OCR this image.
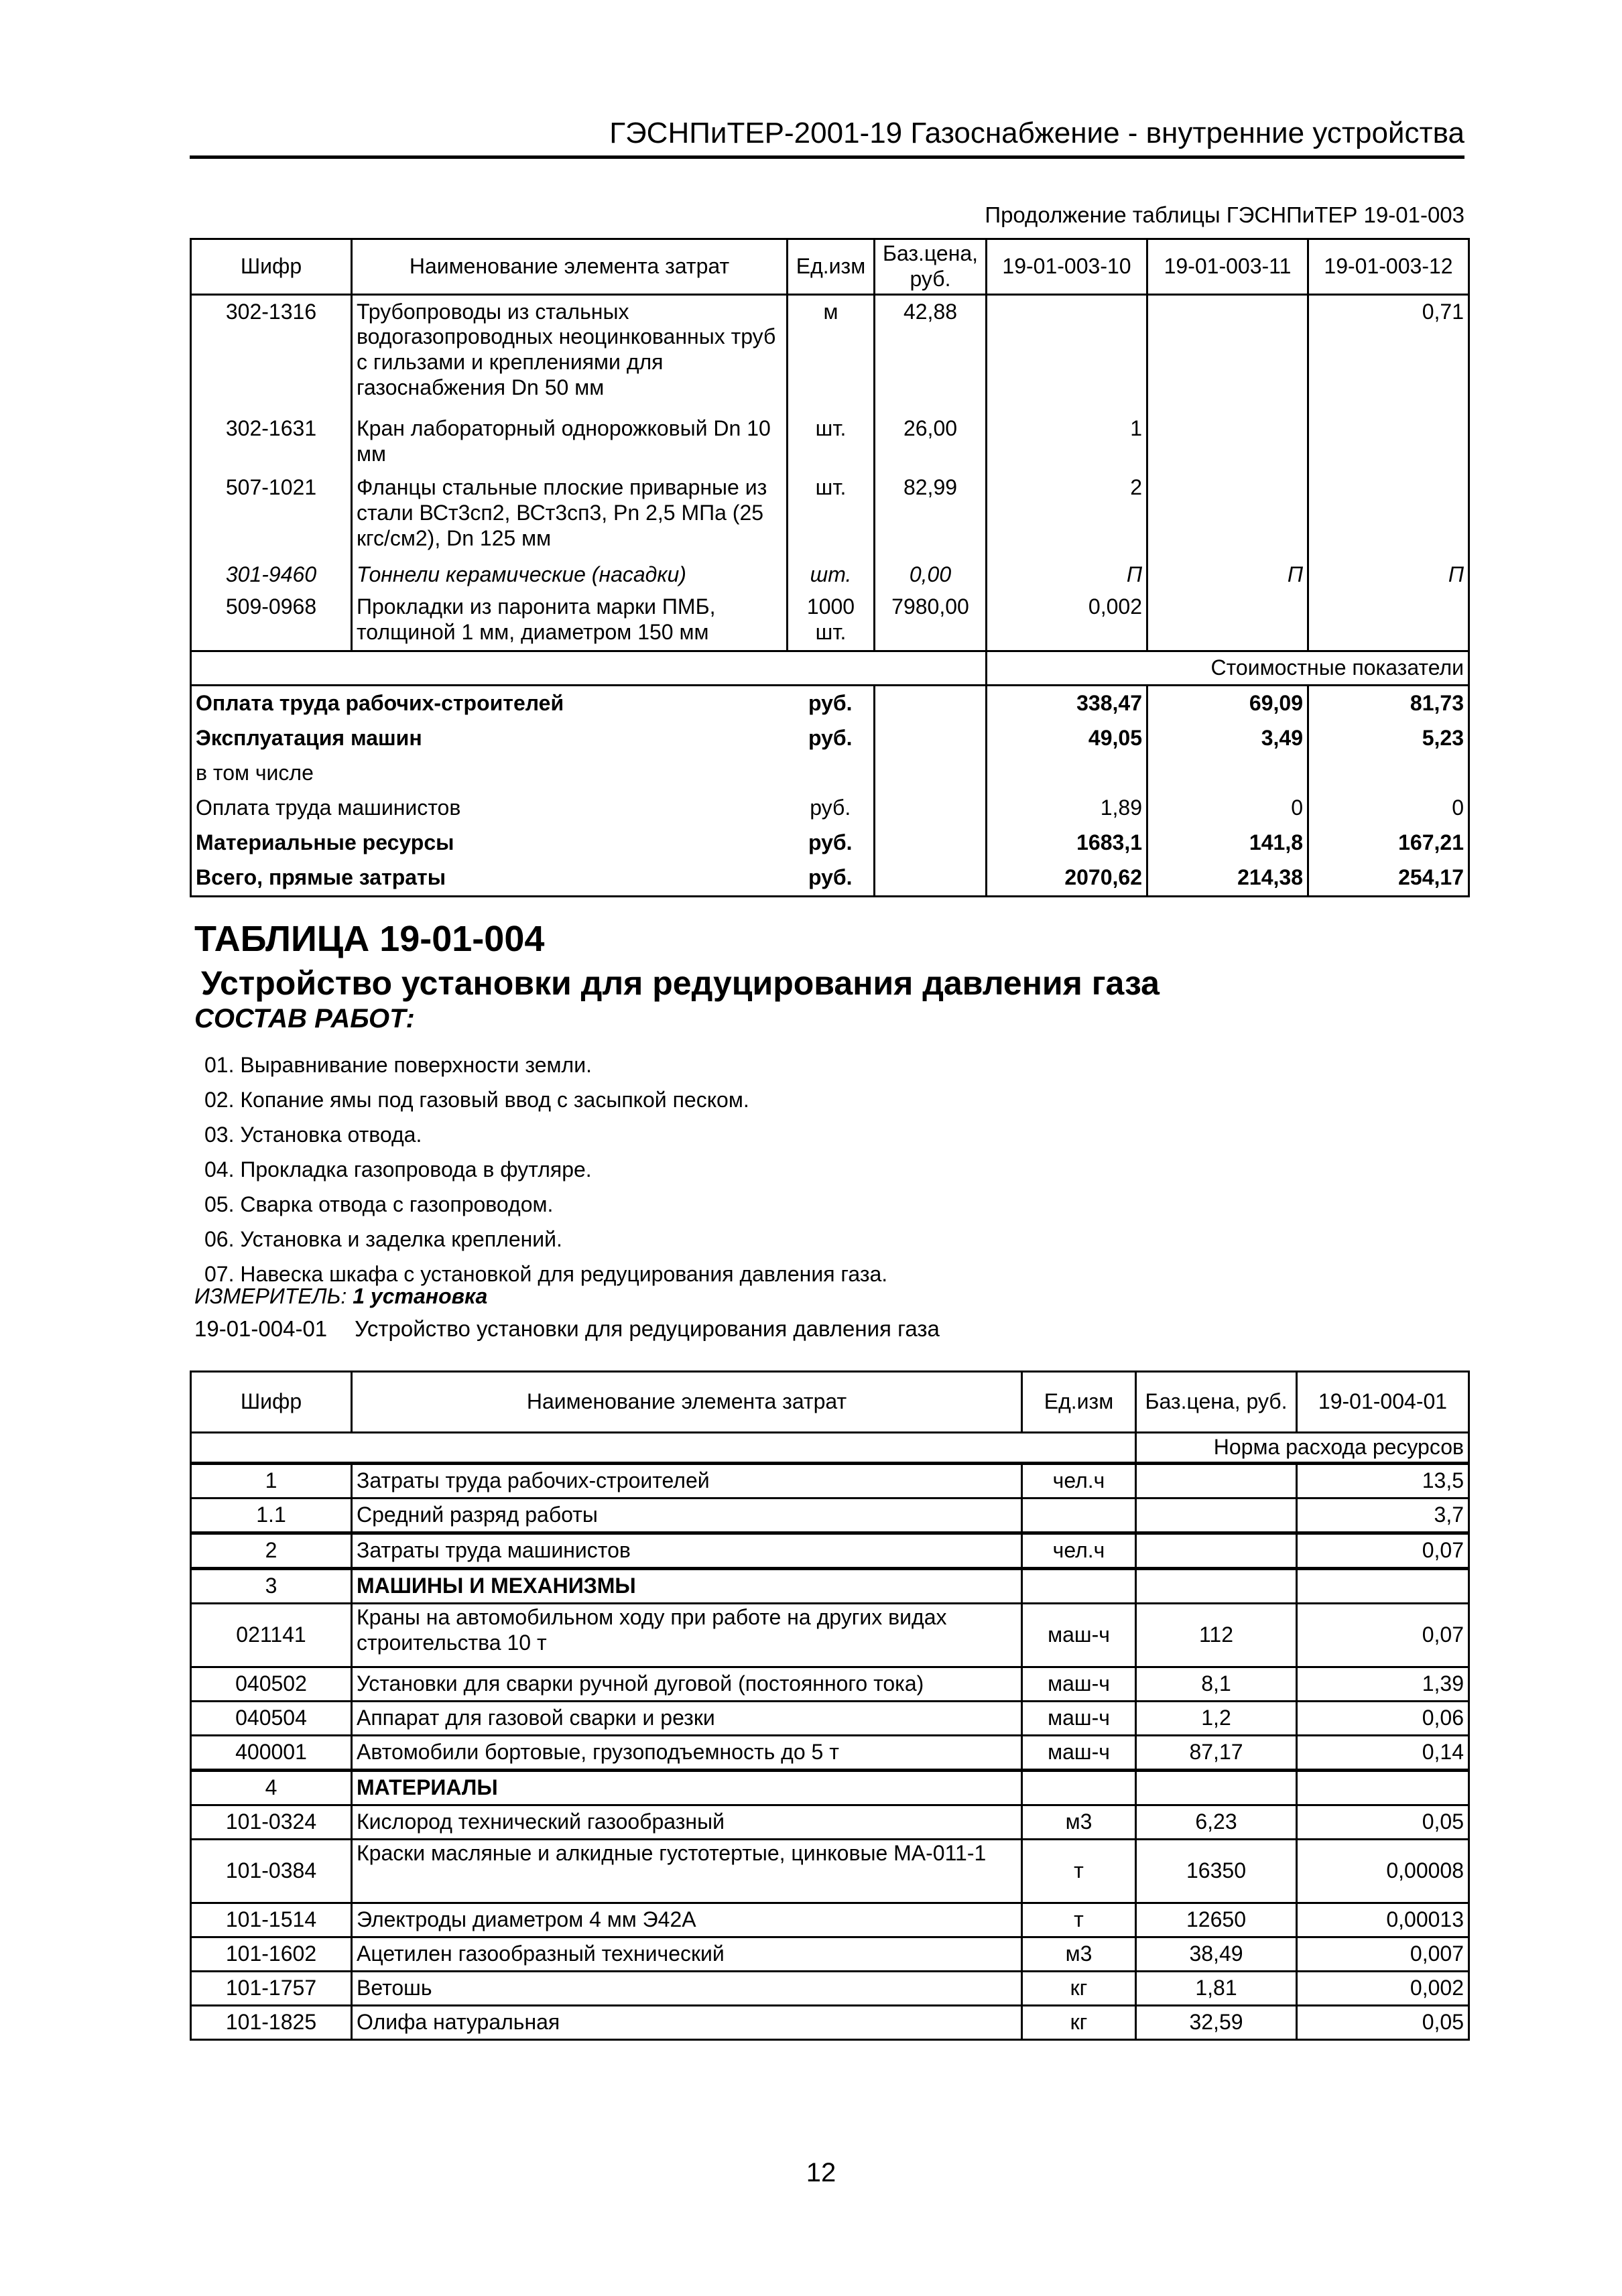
ГЭСНПиТЕР-2001-19 Газоснабжение - внутренние устройства
Продолжение таблицы ГЭСНПиТЕР 19-01-003
Шифр	Наименование элемента затрат	Ед.изм	Баз.цена, руб.	19-01-003-10	19-01-003-11	19-01-003-12
302-1316	Трубопроводы из стальных водогазопроводных неоцинкованных труб с гильзами и креплениями для газоснабжения Dn 50 мм	м	42,88			0,71
302-1631	Кран лабораторный однорожковый Dn 10 мм	шт.	26,00	1		
507-1021	Фланцы стальные плоские приварные из стали ВСт3сп2, ВСт3сп3, Pn 2,5 МПа (25 кгс/см2), Dn 125 мм	шт.	82,99	2		
301-9460	Тоннели керамические (насадки)	шт.	0,00	П	П	П
509-0968	Прокладки из паронита марки ПМБ, толщиной 1 мм, диаметром 150 мм	1000 шт.	7980,00	0,002		
				Стоимостные показатели		
Оплата труда рабочих-строителей		руб.		338,47	69,09	81,73
Эксплуатация машин		руб.		49,05	3,49	5,23
в том числе						
Оплата труда машинистов		руб.		1,89	0	0
Материальные ресурсы		руб.		1683,1	141,8	167,21
Всего, прямые затраты		руб.		2070,62	214,38	254,17
ТАБЛИЦА 19-01-004
Устройство установки для редуцирования давления газа
СОСТАВ РАБОТ:
01. Выравнивание поверхности земли.
02. Копание ямы под газовый ввод с засыпкой песком.
03. Установка отвода.
04. Прокладка газопровода в футляре.
05. Сварка отвода с газопроводом.
06. Установка и заделка креплений.
07. Навеска шкафа с установкой для редуцирования давления газа.
ИЗМЕРИТЕЛЬ: 1 установка
19-01-004-01 Устройство установки для редуцирования давления газа
Шифр	Наименование элемента затрат	Ед.изм	Баз.цена, руб.	19-01-004-01
			Норма расхода ресурсов	
1	Затраты труда рабочих-строителей	чел.ч		13,5
1.1	Средний разряд работы			3,7
2	Затраты труда машинистов	чел.ч		0,07
3	МАШИНЫ И МЕХАНИЗМЫ			
021141	Краны на автомобильном ходу при работе на других видах строительства 10 т	маш-ч	112	0,07
040502	Установки для сварки ручной дуговой (постоянного тока)	маш-ч	8,1	1,39
040504	Аппарат для газовой сварки и резки	маш-ч	1,2	0,06
400001	Автомобили бортовые, грузоподъемность до 5 т	маш-ч	87,17	0,14
4	МАТЕРИАЛЫ			
101-0324	Кислород технический газообразный	м3	6,23	0,05
101-0384	Краски масляные и алкидные густотертые, цинковые МА-011-1	т	16350	0,00008
101-1514	Электроды диаметром 4 мм Э42А	т	12650	0,00013
101-1602	Ацетилен газообразный технический	м3	38,49	0,007
101-1757	Ветошь	кг	1,81	0,002
101-1825	Олифа натуральная	кг	32,59	0,05
12
